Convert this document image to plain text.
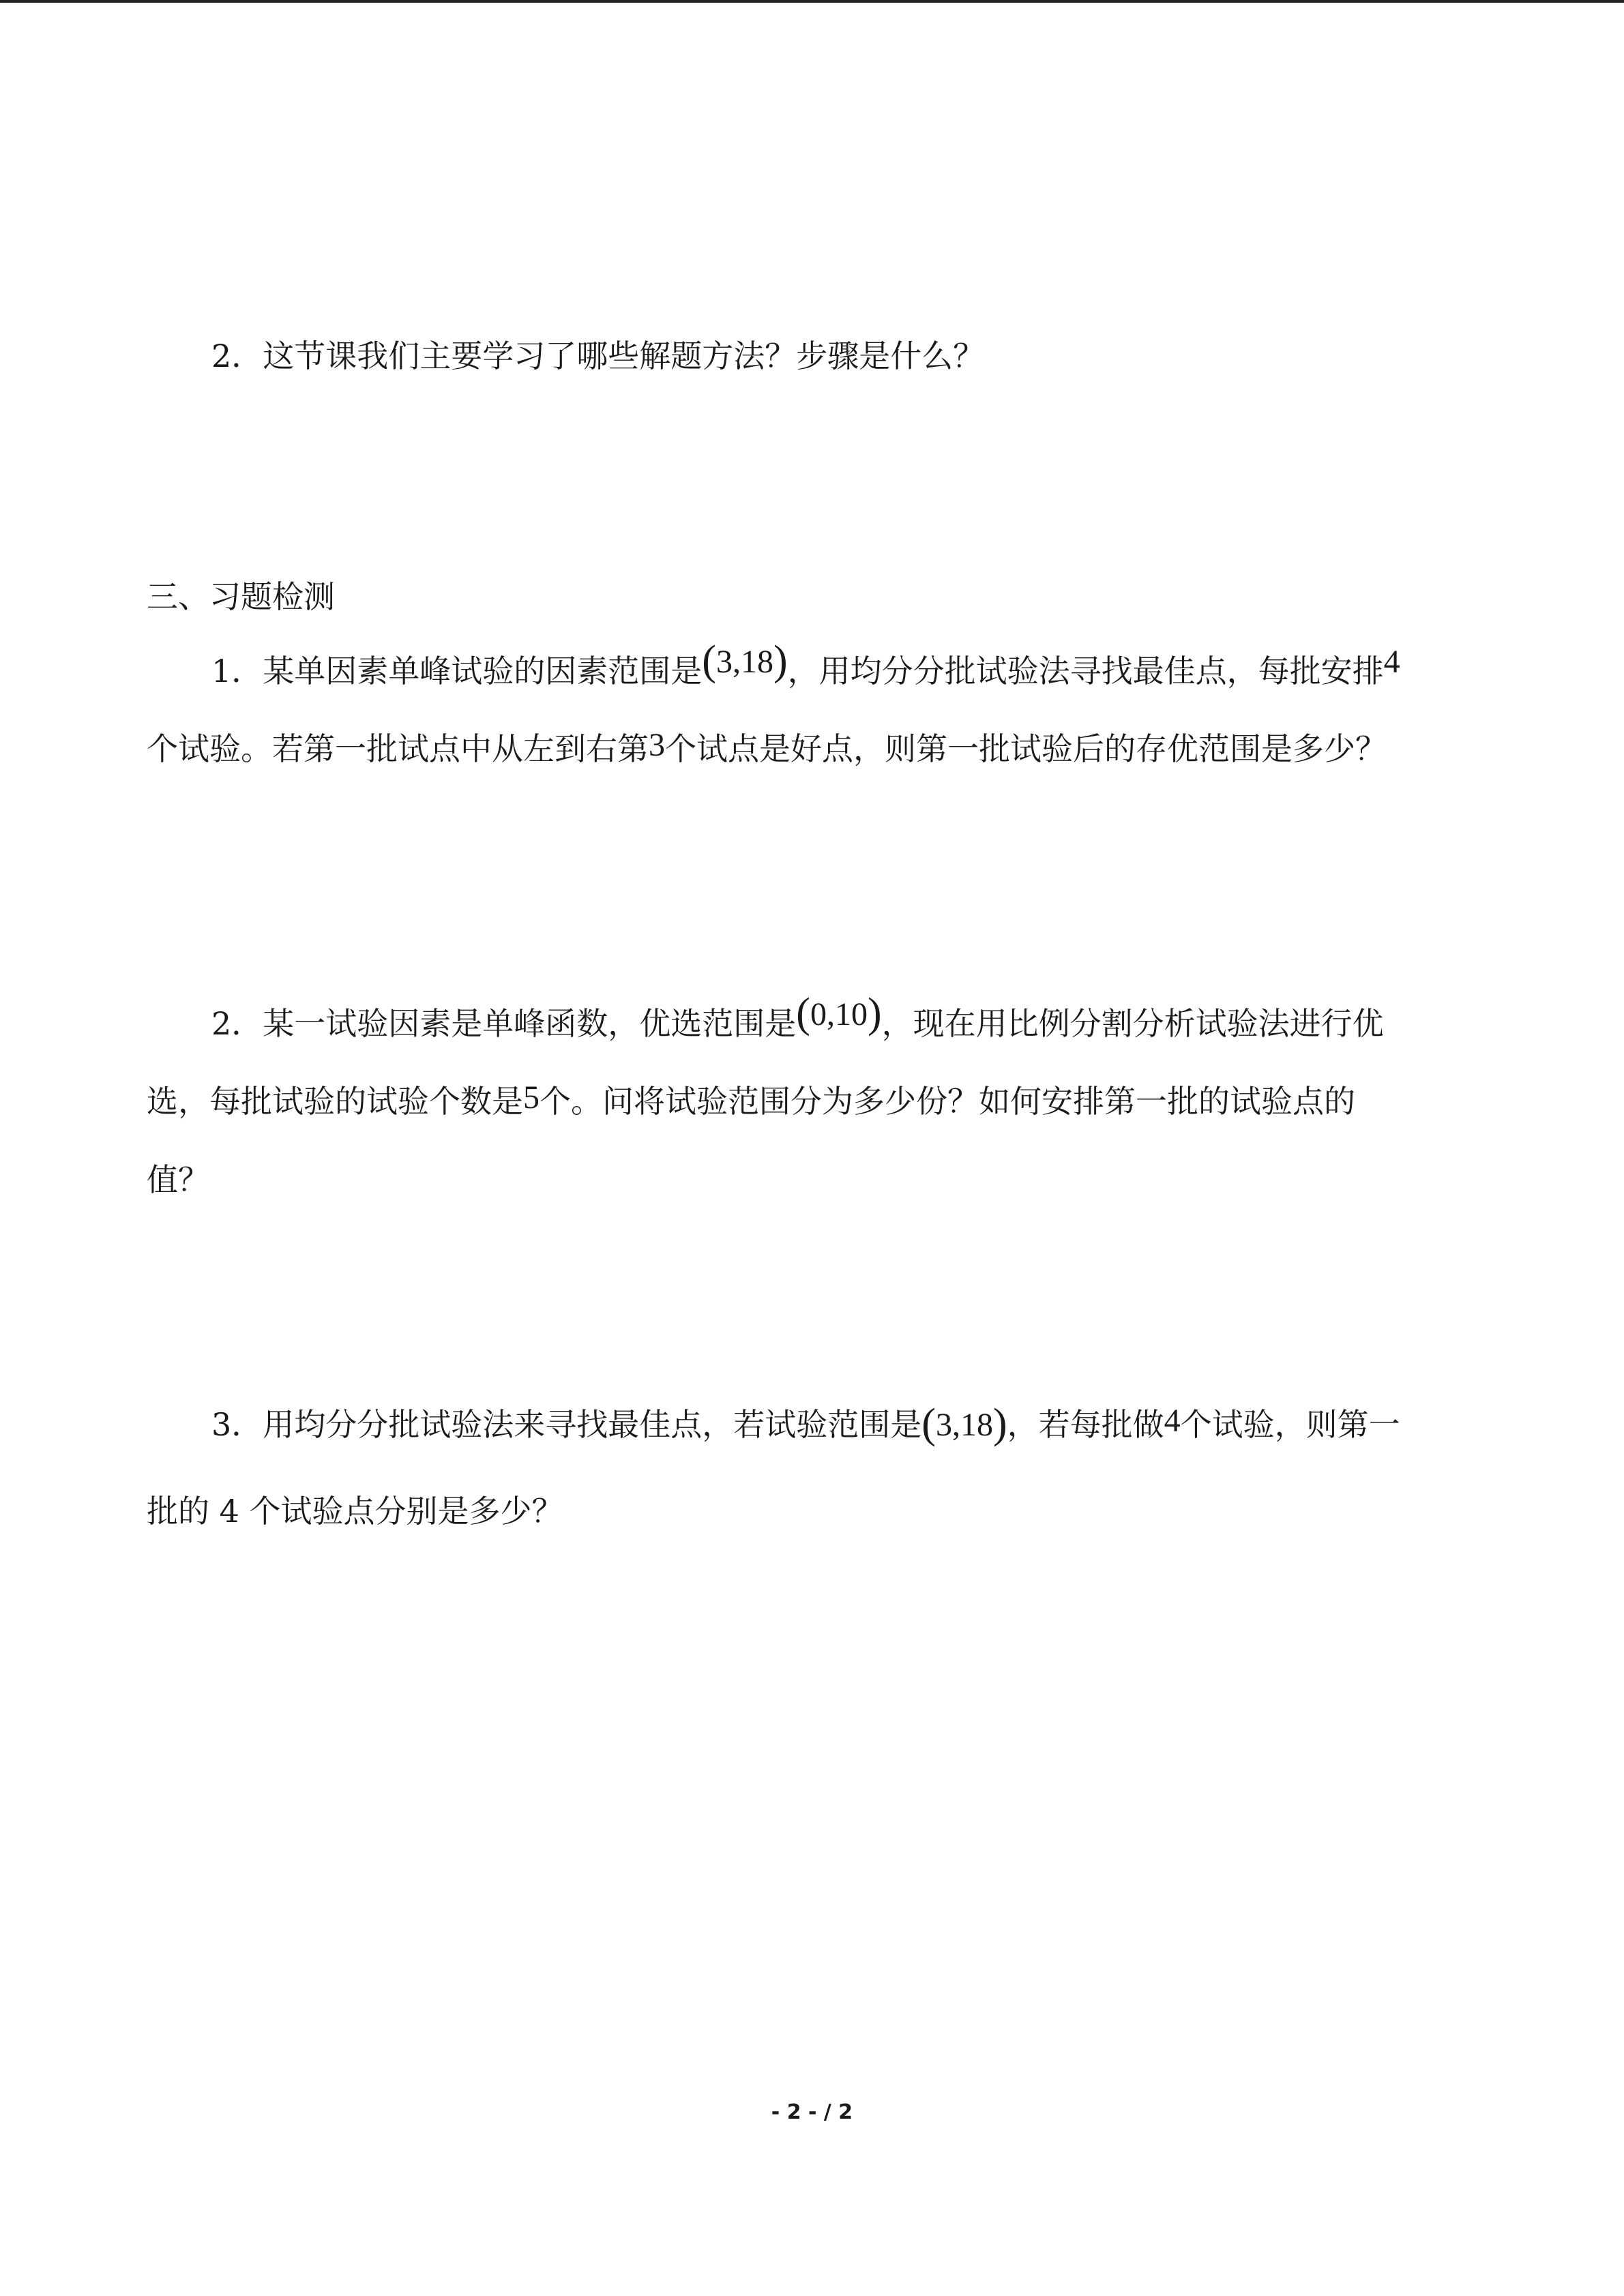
2．这节课我们主要学习了哪些解题方法？步骤是什么？
三、习题检测
1．某单因素单峰试验的因素范围是(3,18)，用均分分批试验法寻找最佳点，每批安排4
个试验。若第一批试点中从左到右第3个试点是好点，则第一批试验后的存优范围是多少？
2．某一试验因素是单峰函数，优选范围是(0,10)，现在用比例分割分析试验法进行优
选，每批试验的试验个数是5个。问将试验范围分为多少份？如何安排第一批的试验点的
值？
3．用均分分批试验法来寻找最佳点，若试验范围是(3,18)，若每批做4个试验，则第一
批的 4 个试验点分别是多少？
- 2 - / 2
